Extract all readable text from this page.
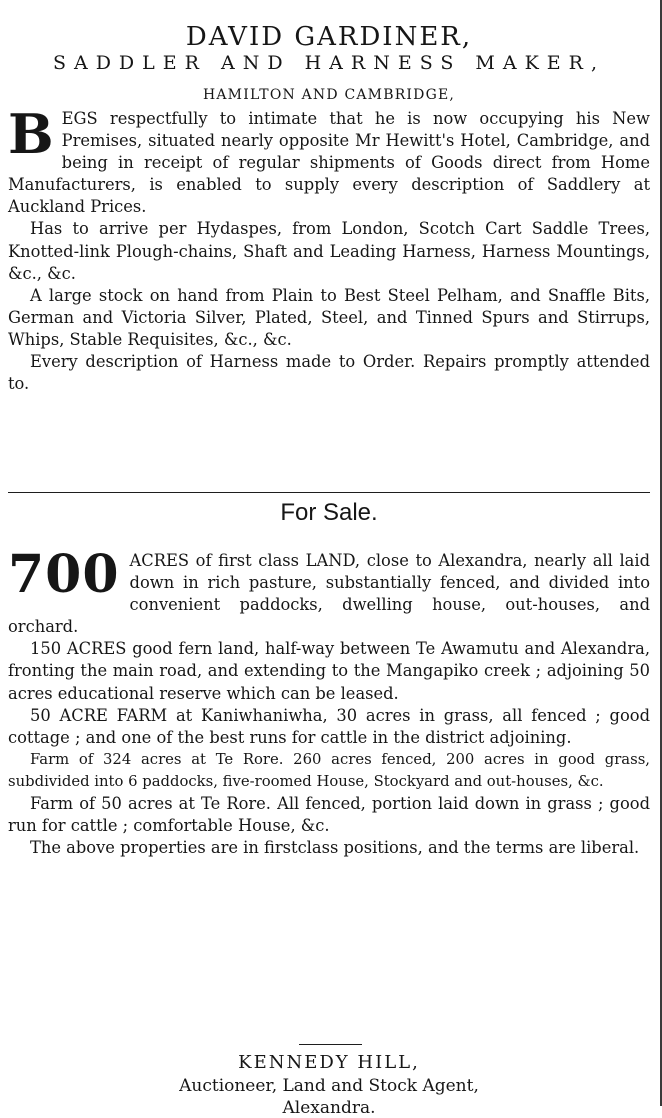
DAVID GARDINER,
SADDLER AND HARNESS MAKER,
HAMILTON AND CAMBRIDGE,

B EGS respectfully to intimate that he is now occupying his New Premises, situated nearly opposite Mr Hewitt's Hotel, Cambridge, and being in receipt of regular shipments of Goods direct from Home Manufacturers, is enabled to supply every description of Saddlery at Auckland Prices.

Has to arrive per Hydaspes, from London, Scotch Cart Saddle Trees, Knotted-link Plough-chains, Shaft and Leading Harness, Harness Mountings, &c., &c.

A large stock on hand from Plain to Best Steel Pelham, and Snaffle Bits, German and Victoria Silver, Plated, Steel, and Tinned Spurs and Stirrups, Whips, Stable Requisites, &c., &c.

Every description of Harness made to Order. Repairs promptly attended to.

For Sale.

700 ACRES of first class LAND, close to Alexandra, nearly all laid down in rich pasture, substantially fenced, and divided into convenient paddocks, dwelling house, out-houses, and orchard.

150 ACRES good fern land, half-way between Te Awamutu and Alexandra, fronting the main road, and extending to the Mangapiko creek ; adjoining 50 acres educational reserve which can be leased.

50 ACRE FARM at Kaniwhaniwha, 30 acres in grass, all fenced ; good cottage ; and one of the best runs for cattle in the district adjoining.

Farm of 324 acres at Te Rore. 260 acres fenced, 200 acres in good grass, subdivided into 6 paddocks, five-roomed House, Stockyard and out-houses, &c.

Farm of 50 acres at Te Rore. All fenced, portion laid down in grass ; good run for cattle ; comfortable House, &c.

The above properties are in firstclass positions, and the terms are liberal.

KENNEDY HILL,
Auctioneer, Land and Stock Agent,
Alexandra.
